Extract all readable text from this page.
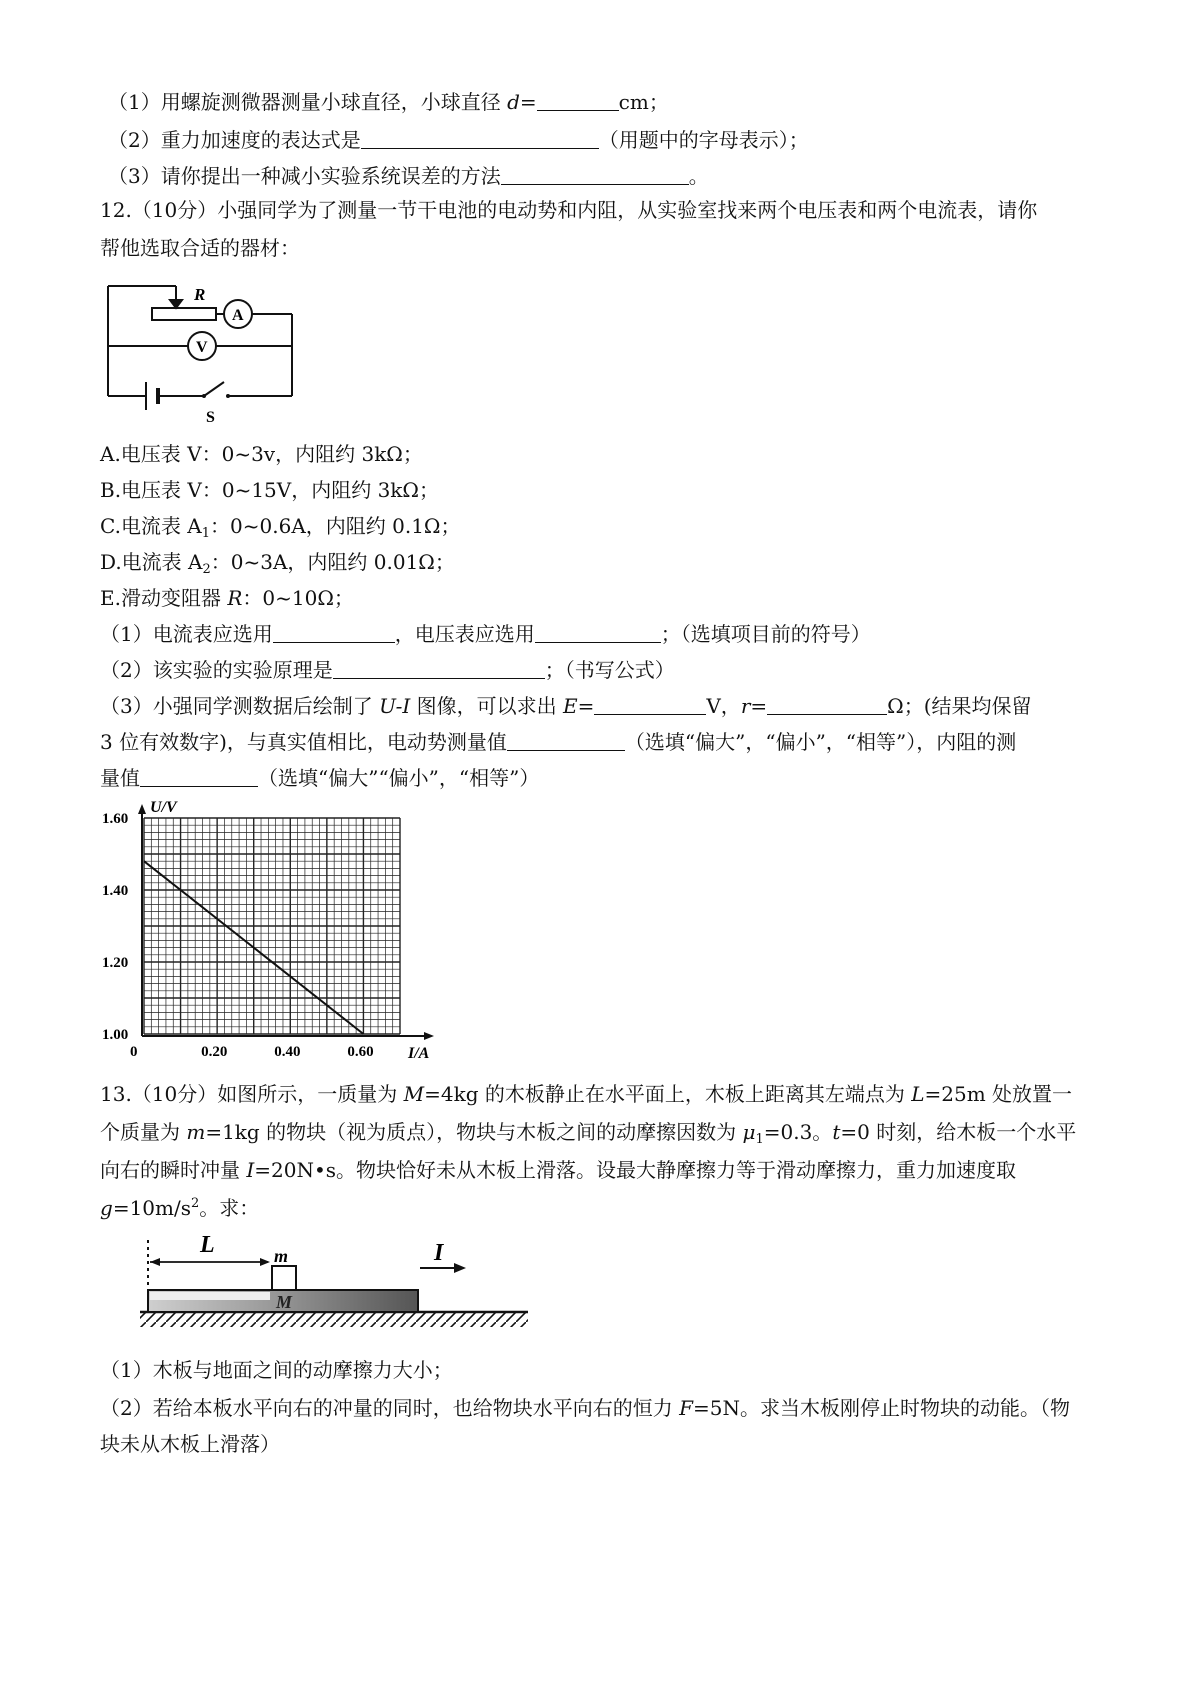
（1）用螺旋测微器测量小球直径，小球直径 d=	cm；
（2）重力加速度的表达式是	（用题中的字母表示）；
（3）请你提出一种减小实验系统误差的方法	。
12.（10分）小强同学为了测量一节干电池的电动势和内阻，从实验室找来两个电压表和两个电流表，请你
帮他选取合适的器材：
R
A
V
S
A.电压表 V：0~3v，内阻约 3kΩ；
B.电压表 V：0~15V，内阻约 3kΩ；
C.电流表 $A_1$：0~0.6A，内阻约 0.1Ω；
D.电流表 $A_2$：0~3A，内阻约 0.01Ω；
E.滑动变阻器 R：0~10Ω；
（1）电流表应选用	，电压表应选用	；（选填项目前的符号）
（2）该实验的实验原理是	；（书写公式）
（3）小强同学测数据后绘制了 U-I 图像，可以求出 E=	V，r=	Ω；(结果均保留
3 位有效数字)，与真实值相比，电动势测量值	（选填“偏大”，“偏小”，“相等”），内阻的测
量值	（选填“偏大”“偏小”，“相等”）
U/V
I/A
0	0.20	0.40	0.60
1.00
1.20
1.40
1.60
13.（10分）如图所示，一质量为 M=4kg 的木板静止在水平面上，木板上距离其左端点为 L=25m 处放置一
个质量为 m=1kg 的物块（视为质点），物块与木板之间的动摩擦因数为 $\mu_1=0.3$。t=0 时刻，给木板一个水平
向右的瞬时冲量 I=20N•s。物块恰好未从木板上滑落。设最大静摩擦力等于滑动摩擦力，重力加速度取
$g=10m/s^2$。求：
L	m
M
I
（1）木板与地面之间的动摩擦力大小；
（2）若给本板水平向右的冲量的同时，也给物块水平向右的恒力 F=5N。求当木板刚停止时物块的动能。（物
块未从木板上滑落）
